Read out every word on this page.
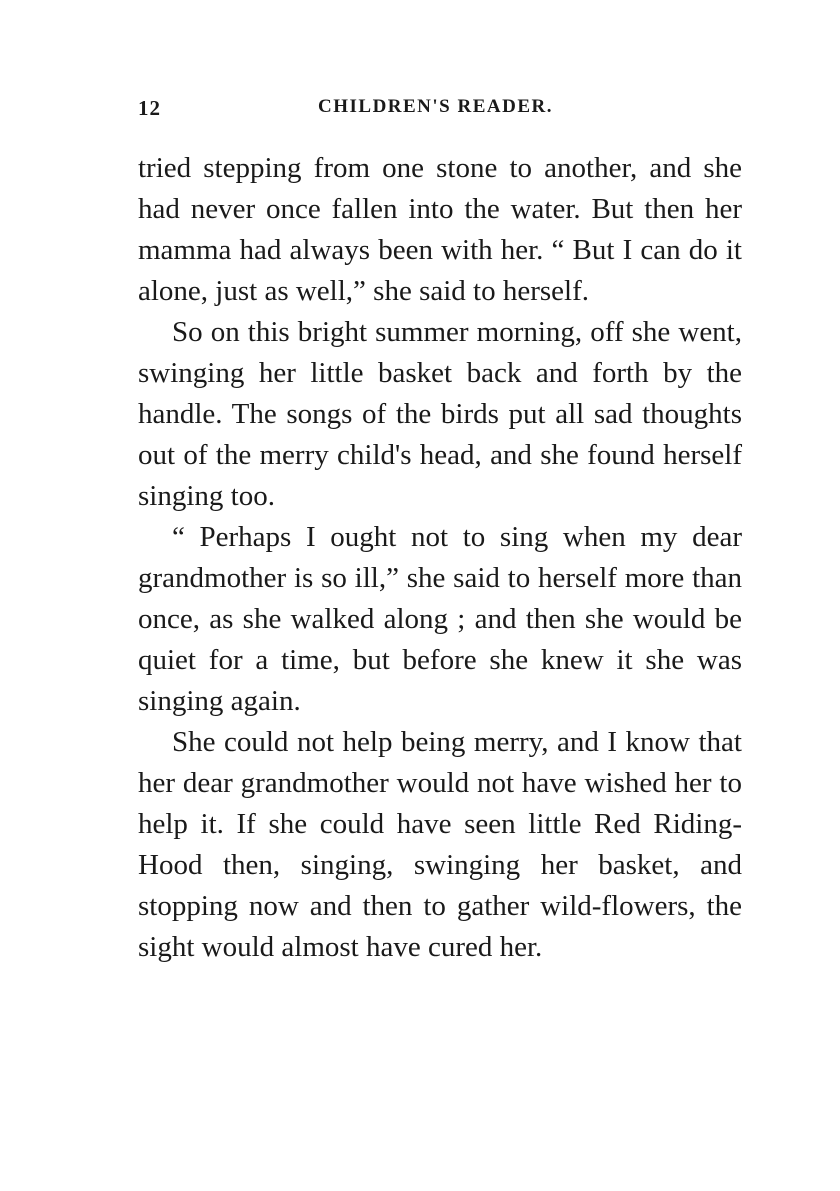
12	CHILDREN'S READER.

tried stepping from one stone to another, and she had never once fallen into the water. But then her mamma had always been with her. “ But I can do it alone, just as well,” she said to herself.

So on this bright summer morning, off she went, swinging her little basket back and forth by the handle. The songs of the birds put all sad thoughts out of the merry child's head, and she found herself singing too.

“ Perhaps I ought not to sing when my dear grandmother is so ill,” she said to herself more than once, as she walked along ; and then she would be quiet for a time, but before she knew it she was singing again.

She could not help being merry, and I know that her dear grandmother would not have wished her to help it. If she could have seen little Red Riding-Hood then, singing, swinging her basket, and stopping now and then to gather wild-flowers, the sight would almost have cured her.
